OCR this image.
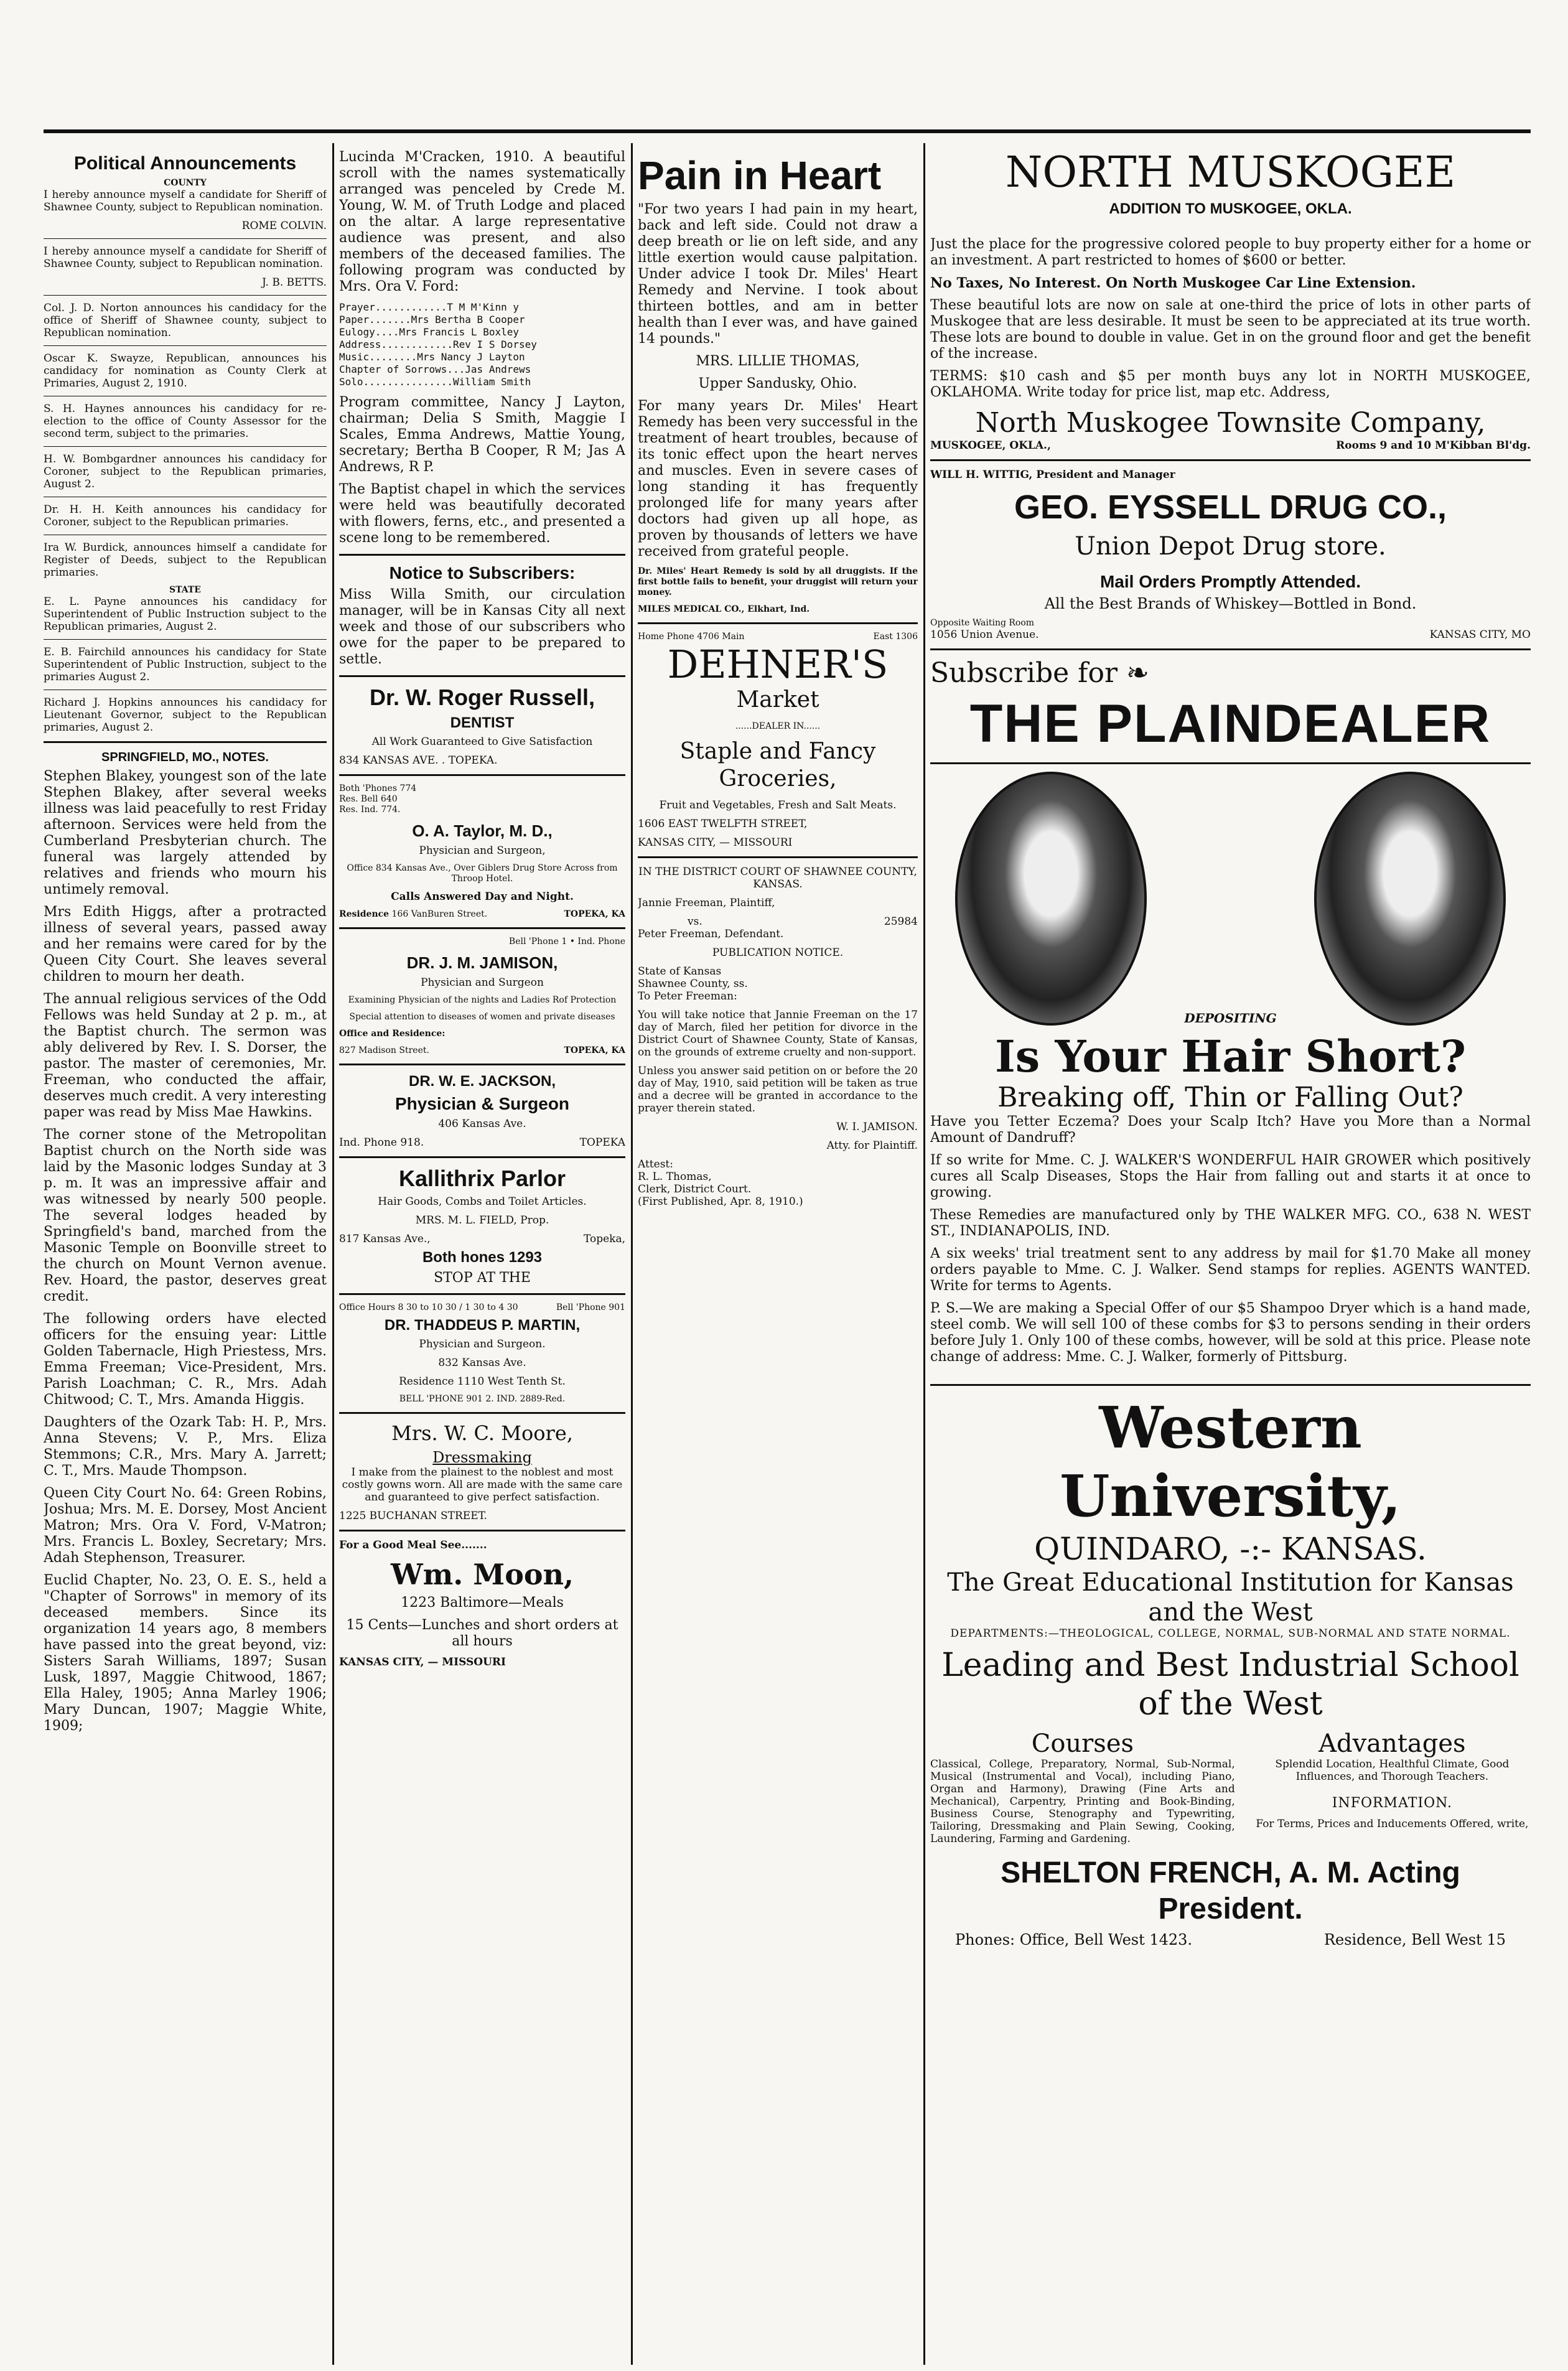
Political Announcements
COUNTY

I hereby announce myself a candidate for Sheriff of Shawnee County, subject to Republican nomination.

ROME COLVIN.

I hereby announce myself a candidate for Sheriff of Shawnee County, subject to Republican nomination.

J. B. BETTS.

Col. J. D. Norton announces his candidacy for the office of Sheriff of Shawnee county, subject to Republican nomination.

Oscar K. Swayze, Republican, announces his candidacy for nomination as County Clerk at Primaries, August 2, 1910.

S. H. Haynes announces his candidacy for re-election to the office of County Assessor for the second term, subject to the primaries.

H. W. Bombgardner announces his candidacy for Coroner, subject to the Republican primaries, August 2.

Dr. H. H. Keith announces his candidacy for Coroner, subject to the Republican primaries.

Ira W. Burdick, announces himself a candidate for Register of Deeds, subject to the Republican primaries.

STATE

E. L. Payne announces his candidacy for Superintendent of Public Instruction subject to the Republican primaries, August 2.

E. B. Fairchild announces his candidacy for State Superintendent of Public Instruction, subject to the primaries August 2.

Richard J. Hopkins announces his candidacy for Lieutenant Governor, subject to the Republican primaries, August 2.

SPRINGFIELD, MO., NOTES.

Stephen Blakey, youngest son of the late Stephen Blakey, after several weeks illness was laid peacefully to rest Friday afternoon. Services were held from the Cumberland Presbyterian church. The funeral was largely attended by relatives and friends who mourn his untimely removal.

Mrs Edith Higgs, after a protracted illness of several years, passed away and her remains were cared for by the Queen City Court. She leaves several children to mourn her death.

The annual religious services of the Odd Fellows was held Sunday at 2 p. m., at the Baptist church. The sermon was ably delivered by Rev. I. S. Dorser, the pastor. The master of ceremonies, Mr. Freeman, who conducted the affair, deserves much credit. A very interesting paper was read by Miss Mae Hawkins.

The corner stone of the Metropolitan Baptist church on the North side was laid by the Masonic lodges Sunday at 3 p. m. It was an impressive affair and was witnessed by nearly 500 people. The several lodges headed by Springfield's band, marched from the Masonic Temple on Boonville street to the church on Mount Vernon avenue. Rev. Hoard, the pastor, deserves great credit.

The following orders have elected officers for the ensuing year: Little Golden Tabernacle, High Priestess, Mrs. Emma Freeman; Vice-President, Mrs. Parish Loachman; C. R., Mrs. Adah Chitwood; C. T., Mrs. Amanda Higgis.

Daughters of the Ozark Tab: H. P., Mrs. Anna Stevens; V. P., Mrs. Eliza Stemmons; C.R., Mrs. Mary A. Jarrett; C. T., Mrs. Maude Thompson.

Queen City Court No. 64: Green Robins, Joshua; Mrs. M. E. Dorsey, Most Ancient Matron; Mrs. Ora V. Ford, V-Matron; Mrs. Francis L. Boxley, Secretary; Mrs. Adah Stephenson, Treasurer.

Euclid Chapter, No. 23, O. E. S., held a "Chapter of Sorrows" in memory of its deceased members. Since its organization 14 years ago, 8 members have passed into the great beyond, viz: Sisters Sarah Williams, 1897; Susan Lusk, 1897, Maggie Chitwood, 1867; Ella Haley, 1905; Anna Marley 1906; Mary Duncan, 1907; Maggie White, 1909;

Lucinda M'Cracken, 1910. A beautiful scroll with the names systematically arranged was penceled by Crede M. Young, W. M. of Truth Lodge and placed on the altar. A large representative audience was present, and also members of the deceased families. The following program was conducted by Mrs. Ora V. Ford:

Prayer............T M M'Kinn y
Paper.......Mrs Bertha B Cooper
Eulogy....Mrs Francis L Boxley
Address............Rev I S Dorsey
Music........Mrs Nancy J Layton
Chapter of Sorrows...Jas Andrews
Solo...............William Smith

Program committee, Nancy J Layton, chairman; Delia S Smith, Maggie I Scales, Emma Andrews, Mattie Young, secretary; Bertha B Cooper, R M; Jas A Andrews, R P.

The Baptist chapel in which the services were held was beautifully decorated with flowers, ferns, etc., and presented a scene long to be remembered.

Notice to Subscribers:

Miss Willa Smith, our circulation manager, will be in Kansas City all next week and those of our subscribers who owe for the paper to be prepared to settle.

Dr. W. Roger Russell,
DENTIST

All Work Guaranteed to Give Satisfaction

834 KANSAS AVE. . TOPEKA.

Both 'Phones 774
Res. Bell 640
Res. Ind. 774.

O. A. Taylor, M. D.,

Physician and Surgeon,

Office 834 Kansas Ave., Over Giblers Drug Store Across from Throop Hotel.

Calls Answered Day and Night.

Residence 166 VanBuren Street.	TOPEKA, KA

Bell 'Phone 1 • Ind. Phone

DR. J. M. JAMISON,

Physician and Surgeon

Examining Physician of the nights and Ladies Rof Protection

Special attention to diseases of women and private diseases

Office and Residence:

827 Madison Street.	TOPEKA, KA
DR. W. E. JACKSON,
Physician & Surgeon

406 Kansas Ave.

Ind. Phone 918.	TOPEKA
Kallithrix Parlor

Hair Goods, Combs and Toilet Articles.

MRS. M. L. FIELD, Prop.

817 Kansas Ave.,	Topeka,
Both hones 1293
STOP AT THE
Office Hours 8 30 to 10 30 / 1 30 to 4 30	Bell 'Phone 901
DR. THADDEUS P. MARTIN,

Physician and Surgeon.

832 Kansas Ave.

Residence 1110 West Tenth St.

BELL 'PHONE 901 2. IND. 2889-Red.

Mrs. W. C. Moore,
Dressmaking

I make from the plainest to the noblest and most costly gowns worn. All are made with the same care and guaranteed to give perfect satisfaction.

1225 BUCHANAN STREET.

For a Good Meal See.......

Wm. Moon,

1223 Baltimore—Meals

15 Cents—Lunches and short orders at all hours

KANSAS CITY, — MISSOURI

Pain in Heart

"For two years I had pain in my heart, back and left side. Could not draw a deep breath or lie on left side, and any little exertion would cause palpitation. Under advice I took Dr. Miles' Heart Remedy and Nervine. I took about thirteen bottles, and am in better health than I ever was, and have gained 14 pounds."

MRS. LILLIE THOMAS,

Upper Sandusky, Ohio.

For many years Dr. Miles' Heart Remedy has been very successful in the treatment of heart troubles, because of its tonic effect upon the heart nerves and muscles. Even in severe cases of long standing it has frequently prolonged life for many years after doctors had given up all hope, as proven by thousands of letters we have received from grateful people.

Dr. Miles' Heart Remedy is sold by all druggists. If the first bottle fails to benefit, your druggist will return your money.

MILES MEDICAL CO., Elkhart, Ind.

Home Phone 4706 Main	East 1306
DEHNER'S
Market

......DEALER IN......

Staple and Fancy Groceries,

Fruit and Vegetables, Fresh and Salt Meats.

1606 EAST TWELFTH STREET,

KANSAS CITY, — MISSOURI

IN THE DISTRICT COURT OF SHAWNEE COUNTY, KANSAS.

Jannie Freeman, Plaintiff,

vs.	25984

Peter Freeman, Defendant.

PUBLICATION NOTICE.

State of Kansas
Shawnee County, ss.
To Peter Freeman:

You will take notice that Jannie Freeman on the 17 day of March, filed her petition for divorce in the District Court of Shawnee County, State of Kansas, on the grounds of extreme cruelty and non-support.

Unless you answer said petition on or before the 20 day of May, 1910, said petition will be taken as true and a decree will be granted in accordance to the prayer therein stated.

W. I. JAMISON.

Atty. for Plaintiff.

Attest:
R. L. Thomas,
Clerk, District Court.
(First Published, Apr. 8, 1910.)

NORTH MUSKOGEE
ADDITION TO MUSKOGEE, OKLA.

Just the place for the progressive colored people to buy property either for a home or an investment. A part restricted to homes of $600 or better.

No Taxes, No Interest. On North Muskogee Car Line Extension.

These beautiful lots are now on sale at one-third the price of lots in other parts of Muskogee that are less desirable. It must be seen to be appreciated at its true worth. These lots are bound to double in value. Get in on the ground floor and get the benefit of the increase.

TERMS: $10 cash and $5 per month buys any lot in NORTH MUSKOGEE, OKLAHOMA. Write today for price list, map etc. Address,

North Muskogee Townsite Company,
MUSKOGEE, OKLA.,	Rooms 9 and 10 M'Kibban Bl'dg.

WILL H. WITTIG, President and Manager

GEO. EYSSELL DRUG CO.,
Union Depot Drug store.
Mail Orders Promptly Attended.

All the Best Brands of Whiskey—Bottled in Bond.

Opposite Waiting Room

1056 Union Avenue.	KANSAS CITY, MO
Subscribe for ❧
THE PLAINDEALER
DEPOSITING
Is Your Hair Short?
Breaking off, Thin or Falling Out?

Have you Tetter Eczema? Does your Scalp Itch? Have you More than a Normal Amount of Dandruff?

If so write for Mme. C. J. WALKER'S WONDERFUL HAIR GROWER which positively cures all Scalp Diseases, Stops the Hair from falling out and starts it at once to growing.

These Remedies are manufactured only by THE WALKER MFG. CO., 638 N. WEST ST., INDIANAPOLIS, IND.

A six weeks' trial treatment sent to any address by mail for $1.70 Make all money orders payable to Mme. C. J. Walker. Send stamps for replies. AGENTS WANTED. Write for terms to Agents.

P. S.—We are making a Special Offer of our $5 Shampoo Dryer which is a hand made, steel comb. We will sell 100 of these combs for $3 to persons sending in their orders before July 1. Only 100 of these combs, however, will be sold at this price. Please note change of address: Mme. C. J. Walker, formerly of Pittsburg.

Western University,
QUINDARO, -:- KANSAS.
The Great Educational Institution for Kansas and the West

DEPARTMENTS:—THEOLOGICAL, COLLEGE, NORMAL, SUB-NORMAL AND STATE NORMAL.

Leading and Best Industrial School of the West
Courses

Classical, College, Preparatory, Normal, Sub-Normal, Musical (Instrumental and Vocal), including Piano, Organ and Harmony), Drawing (Fine Arts and Mechanical), Carpentry, Printing and Book-Binding, Business Course, Stenography and Typewriting, Tailoring, Dressmaking and Plain Sewing, Cooking, Laundering, Farming and Gardening.

Advantages

Splendid Location, Healthful Climate, Good Influences, and Thorough Teachers.

INFORMATION.

For Terms, Prices and Inducements Offered, write,

SHELTON FRENCH, A. M. Acting President.
Phones: Office, Bell West 1423.	Residence, Bell West 15
